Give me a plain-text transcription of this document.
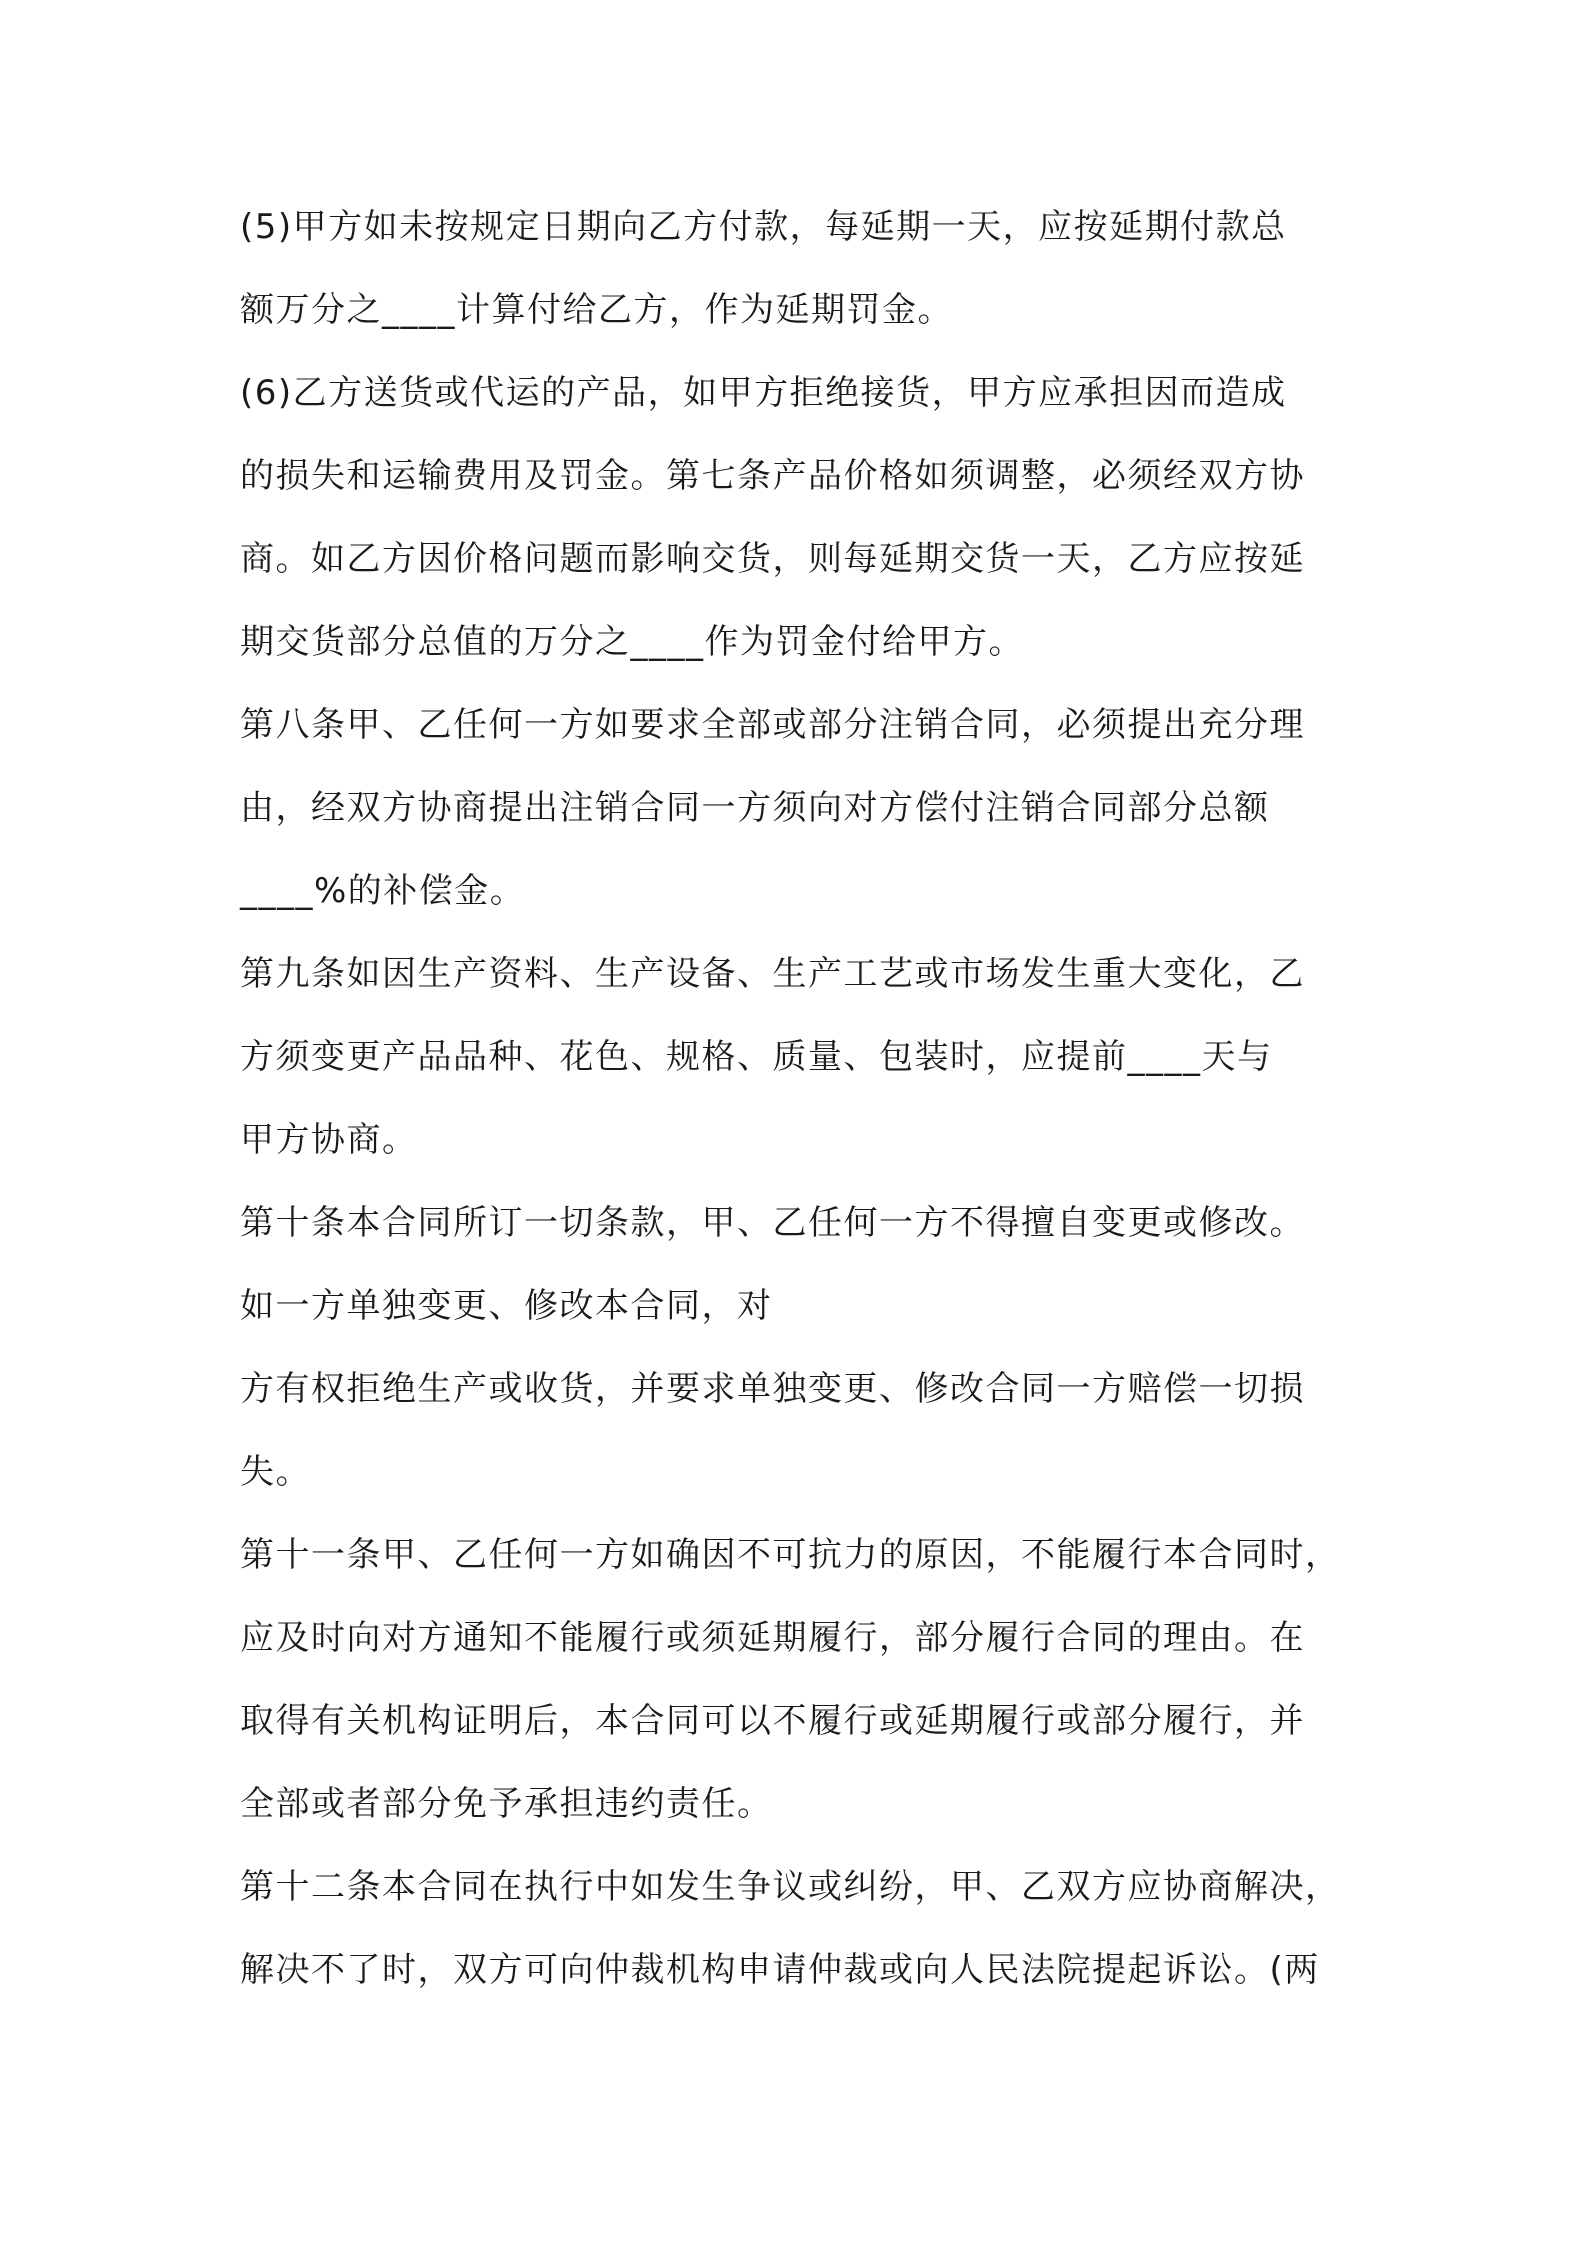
(5)甲方如未按规定日期向乙方付款，每延期一天，应按延期付款总
额万分之____计算付给乙方，作为延期罚金。
(6)乙方送货或代运的产品，如甲方拒绝接货，甲方应承担因而造成
的损失和运输费用及罚金。第七条产品价格如须调整，必须经双方协
商。如乙方因价格问题而影响交货，则每延期交货一天，乙方应按延
期交货部分总值的万分之____作为罚金付给甲方。
第八条甲、乙任何一方如要求全部或部分注销合同，必须提出充分理
由，经双方协商提出注销合同一方须向对方偿付注销合同部分总额
____%的补偿金。
第九条如因生产资料、生产设备、生产工艺或市场发生重大变化，乙
方须变更产品品种、花色、规格、质量、包装时，应提前____天与
甲方协商。
第十条本合同所订一切条款，甲、乙任何一方不得擅自变更或修改。
如一方单独变更、修改本合同，对
方有权拒绝生产或收货，并要求单独变更、修改合同一方赔偿一切损
失。
第十一条甲、乙任何一方如确因不可抗力的原因，不能履行本合同时，
应及时向对方通知不能履行或须延期履行，部分履行合同的理由。在
取得有关机构证明后，本合同可以不履行或延期履行或部分履行，并
全部或者部分免予承担违约责任。
第十二条本合同在执行中如发生争议或纠纷，甲、乙双方应协商解决，
解决不了时，双方可向仲裁机构申请仲裁或向人民法院提起诉讼。(两
